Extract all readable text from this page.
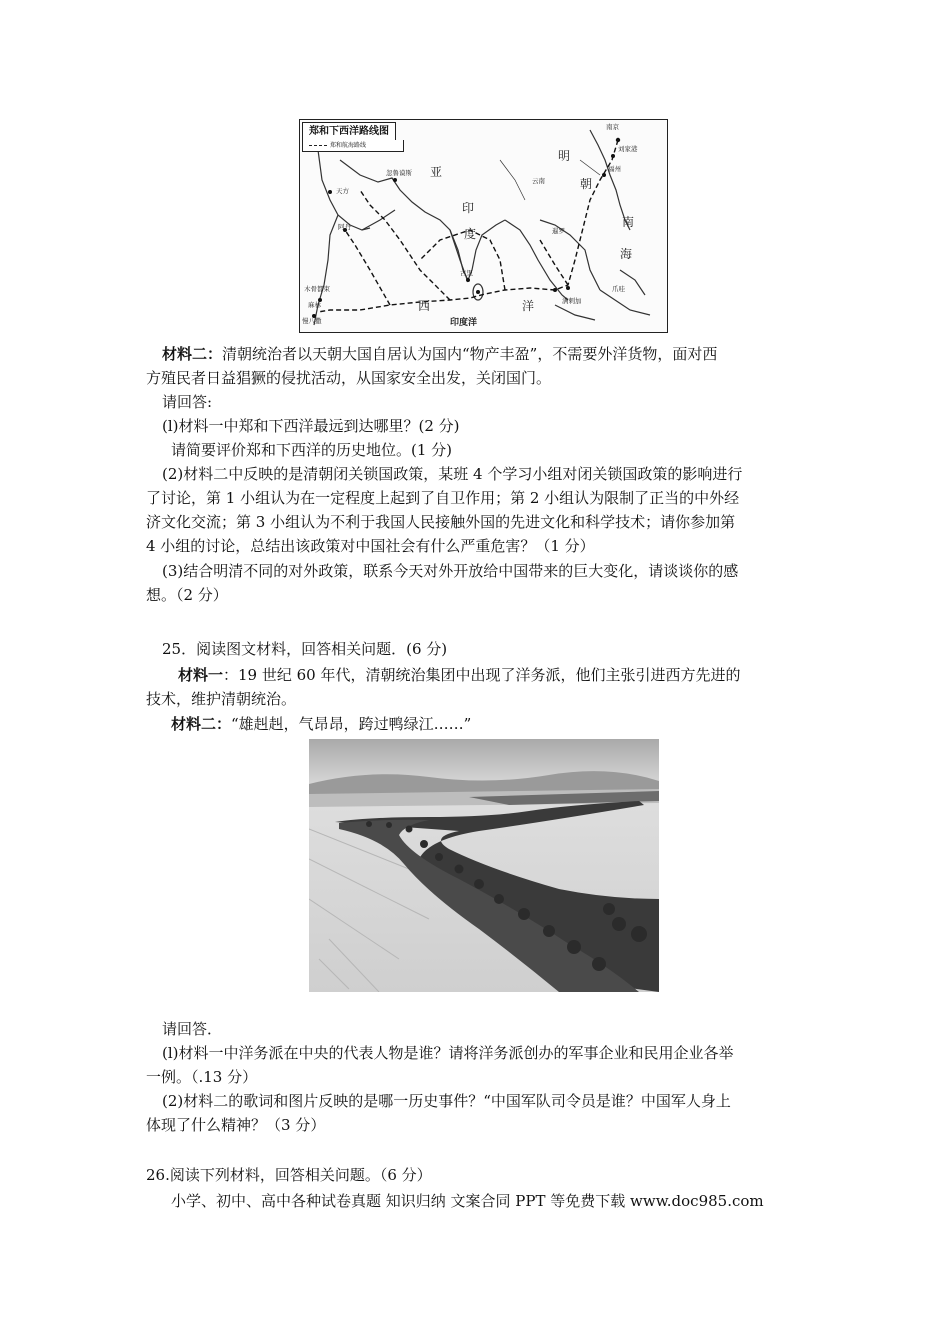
郑和下西洋路线图
郑和航海路线
南京
刘家港
福州
明
朝
云南
亚
印
度
南
海
暹罗
古里
天方
阿丹
忽鲁谟斯
木骨都束
麻林
慢八撒
满剌加
爪哇
西	洋
印度洋
材料二：清朝统治者以天朝大国自居认为国内“物产丰盈”，不需要外洋货物，面对西
方殖民者日益猖獗的侵扰活动，从国家安全出发，关闭国门。
请回答:
(l)材料一中郑和下西洋最远到达哪里？(2 分)
请简要评价郑和下西洋的历史地位。(1 分)
(2)材料二中反映的是清朝闭关锁国政策，某班 4 个学习小组对闭关锁国政策的影响进行
了讨论，第 1 小组认为在一定程度上起到了自卫作用；第 2 小组认为限制了正当的中外经
济文化交流；第 3 小组认为不利于我国人民接触外国的先进文化和科学技术；请你参加第
4 小组的讨论，总结出该政策对中国社会有什么严重危害？（1 分）
(3)结合明清不同的对外政策，联系今天对外开放给中国带来的巨大变化，请谈谈你的感
想。（2 分）
25．阅读图文材料，回答相关问题．(6 分)
材料一：19 世纪 60 年代，清朝统治集团中出现了洋务派，他们主张引进西方先进的
技术，维护清朝统治。
材料二：“雄赳赳，气昂昂，跨过鸭绿江……”
请回答．
(l)材料一中洋务派在中央的代表人物是谁？请将洋务派创办的军事企业和民用企业各举
一例。（.13 分）
(2)材料二的歌词和图片反映的是哪一历史事件？“中国军队司令员是谁？中国军人身上
体现了什么精神？（3 分）
26.阅读下列材料，回答相关问题。（6 分）
小学、初中、高中各种试卷真题 知识归纳 文案合同 PPT 等免费下载 www.doc985.com
